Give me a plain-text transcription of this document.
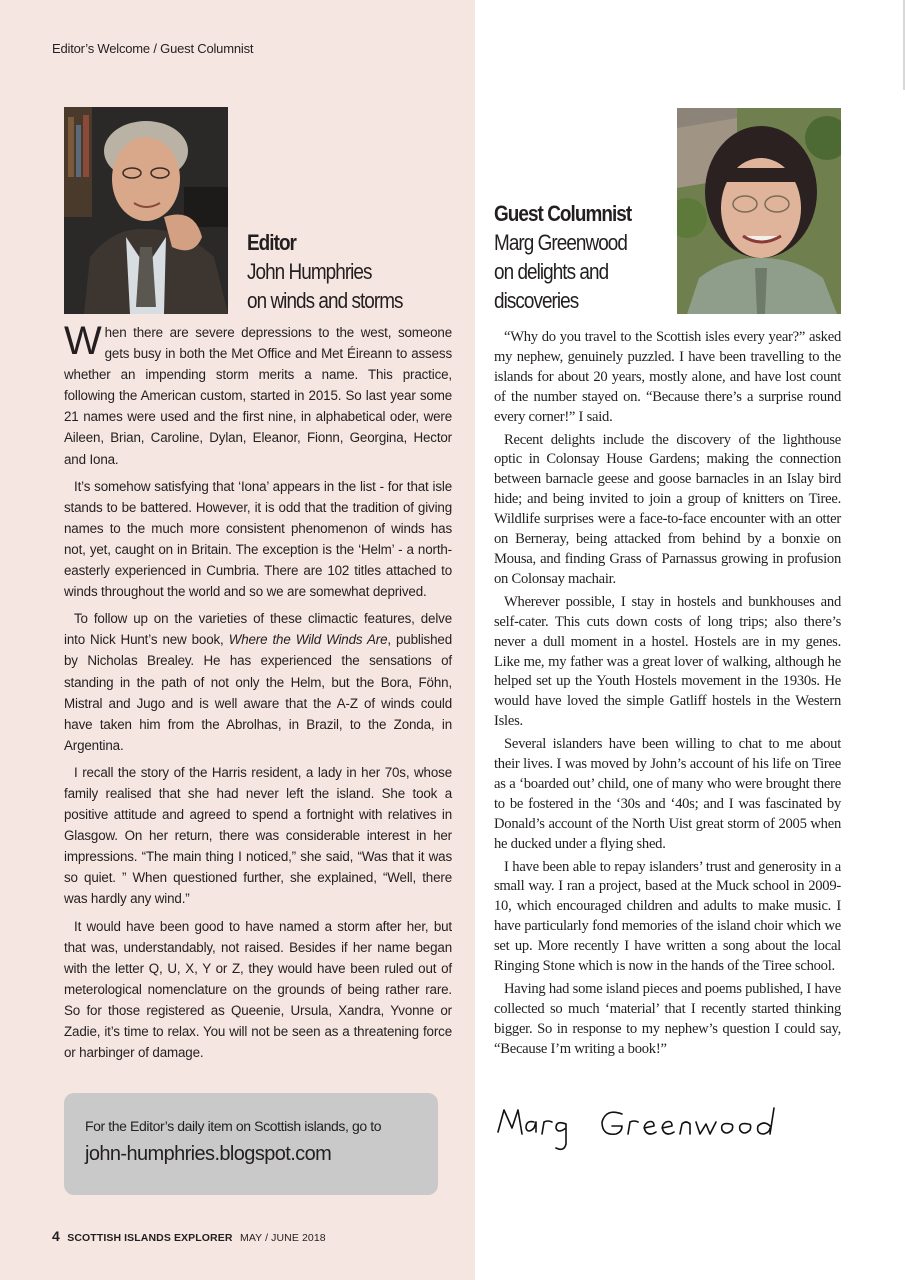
Editor’s Welcome / Guest Columnist
Editor
John Humphries
on winds and storms
Guest Columnist
Marg Greenwood
on delights and
discoveries

When there are severe depressions to the west, someone gets busy in both the Met Office and Met Éireann to assess whether an impending storm merits a name. This practice, following the American custom, started in 2015. So last year some 21 names were used and the first nine, in alphabetical oder, were Aileen, Brian, Caroline, Dylan, Eleanor, Fionn, Georgina, Hector and Iona.

It’s somehow satisfying that ‘Iona’ appears in the list - for that isle stands to be battered. However, it is odd that the tradition of giving names to the much more consistent phenomenon of winds has not, yet, caught on in Britain. The exception is the ‘Helm’ - a north-easterly experienced in Cumbria. There are 102 titles attached to winds throughout the world and so we are somewhat deprived.

To follow up on the varieties of these climactic features, delve into Nick Hunt’s new book, Where the Wild Winds Are, published by Nicholas Brealey. He has experienced the sensations of standing in the path of not only the Helm, but the Bora, Föhn, Mistral and Jugo and is well aware that the A-Z of winds could have taken him from the Abrolhas, in Brazil, to the Zonda, in Argentina.

I recall the story of the Harris resident, a lady in her 70s, whose family realised that she had never left the island. She took a positive attitude and agreed to spend a fortnight with relatives in Glasgow. On her return, there was considerable interest in her impressions. “The main thing I noticed,” she said, “Was that it was so quiet. ” When questioned further, she explained, “Well, there was hardly any wind.”

It would have been good to have named a storm after her, but that was, understandably, not raised. Besides if her name began with the letter Q, U, X, Y or Z, they would have been ruled out of meterological nomenclature on the grounds of being rather rare. So for those registered as Queenie, Ursula, Xandra, Yvonne or Zadie, it’s time to relax. You will not be seen as a threatening force or harbinger of damage.

“Why do you travel to the Scottish isles every year?” asked my nephew, genuinely puzzled. I have been travelling to the islands for about 20 years, mostly alone, and have lost count of the number stayed on. “Because there’s a surprise round every corner!” I said.

Recent delights include the discovery of the lighthouse optic in Colonsay House Gardens; making the connection between barnacle geese and goose barnacles in an Islay bird hide; and being invited to join a group of knitters on Tiree. Wildlife surprises were a face-to-face encounter with an otter on Berneray, being attacked from behind by a bonxie on Mousa, and finding Grass of Parnassus growing in profusion on Colonsay machair.

Wherever possible, I stay in hostels and bunkhouses and self-cater. This cuts down costs of long trips; also there’s never a dull moment in a hostel. Hostels are in my genes. Like me, my father was a great lover of walking, although he helped set up the Youth Hostels movement in the 1930s. He would have loved the simple Gatliff hostels in the Western Isles.

Several islanders have been willing to chat to me about their lives. I was moved by John’s account of his life on Tiree as a ‘boarded out’ child, one of many who were brought there to be fostered in the ‘30s and ‘40s; and I was fascinated by Donald’s account of the North Uist great storm of 2005 when he ducked under a flying shed.

I have been able to repay islanders’ trust and generosity in a small way. I ran a project, based at the Muck school in 2009-10, which encouraged children and adults to make music. I have particularly fond memories of the island choir which we set up. More recently I have written a song about the local Ringing Stone which is now in the hands of the Tiree school.

Having had some island pieces and poems published, I have collected so much ‘material’ that I recently started thinking bigger. So in response to my nephew’s question I could say, “Because I’m writing a book!”

For the Editor’s daily item on Scottish islands, go to
john-humphries.blogspot.com
4 SCOTTISH ISLANDS EXPLORER MAY / JUNE 2018
